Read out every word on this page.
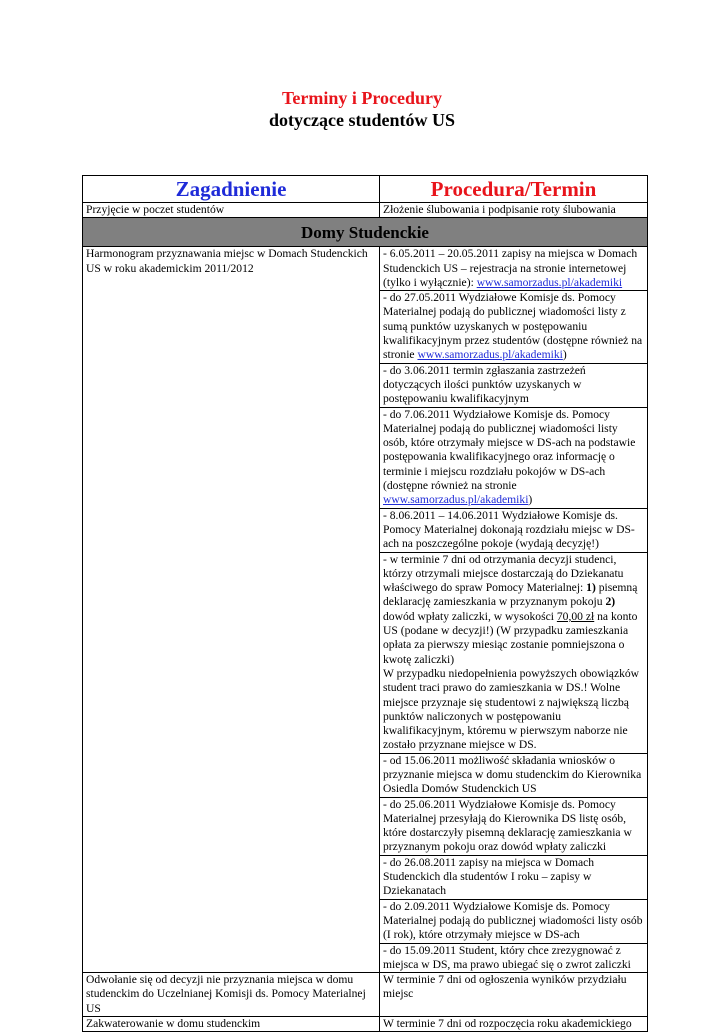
Terminy i Procedury

dotyczące studentów US

Zagadnienie	Procedura/Termin
Przyjęcie w poczet studentów	Złożenie ślubowania i podpisanie roty ślubowania
Domy Studenckie	
Harmonogram przyznawania miejsc w Domach Studenckich US w roku akademickim 2011/2012	- 6.05.2011 – 20.05.2011 zapisy na miejsca w Domach Studenckich US – rejestracja na stronie internetowej (tylko i wyłącznie): www.samorzadus.pl/akademiki
	- do 27.05.2011 Wydziałowe Komisje ds. Pomocy Materialnej podają do publicznej wiadomości listy z sumą punktów uzyskanych w postępowaniu kwalifikacyjnym przez studentów (dostępne również na stronie www.samorzadus.pl/akademiki)
	- do 3.06.2011 termin zgłaszania zastrzeżeń dotyczących ilości punktów uzyskanych w postępowaniu kwalifikacyjnym
	- do 7.06.2011 Wydziałowe Komisje ds. Pomocy Materialnej podają do publicznej wiadomości listy osób, które otrzymały miejsce w DS-ach na podstawie postępowania kwalifikacyjnego oraz informację o terminie i miejscu rozdziału pokojów w DS-ach (dostępne również na stronie www.samorzadus.pl/akademiki)
	- 8.06.2011 – 14.06.2011 Wydziałowe Komisje ds. Pomocy Materialnej dokonają rozdziału miejsc w DS-ach na poszczególne pokoje (wydają decyzję!)
	- w terminie 7 dni od otrzymania decyzji studenci, którzy otrzymali miejsce dostarczają do Dziekanatu właściwego do spraw Pomocy Materialnej: 1) pisemną deklarację zamieszkania w przyznanym pokoju 2) dowód wpłaty zaliczki, w wysokości 70,00 zł na konto US (podane w decyzji!) (W przypadku zamieszkania opłata za pierwszy miesiąc zostanie pomniejszona o kwotę zaliczki)
W przypadku niedopełnienia powyższych obowiązków student traci prawo do zamieszkania w DS.! Wolne miejsce przyznaje się studentowi z największą liczbą punktów naliczonych w postępowaniu kwalifikacyjnym, któremu w pierwszym naborze nie zostało przyznane miejsce w DS.
	- od 15.06.2011 możliwość składania wniosków o przyznanie miejsca w domu studenckim do Kierownika Osiedla Domów Studenckich US
	- do 25.06.2011 Wydziałowe Komisje ds. Pomocy Materialnej przesyłają do Kierownika DS listę osób, które dostarczyły pisemną deklarację zamieszkania w przyznanym pokoju oraz dowód wpłaty zaliczki
	- do 26.08.2011 zapisy na miejsca w Domach Studenckich dla studentów I roku – zapisy w Dziekanatach
	- do 2.09.2011 Wydziałowe Komisje ds. Pomocy Materialnej podają do publicznej wiadomości listy osób (I rok), które otrzymały miejsce w DS-ach
	- do 15.09.2011 Student, który chce zrezygnować z miejsca w DS, ma prawo ubiegać się o zwrot zaliczki
Odwołanie się od decyzji nie przyznania miejsca w domu studenckim do Uczelnianej Komisji ds. Pomocy Materialnej US	W terminie 7 dni od ogłoszenia wyników przydziału miejsc
Zakwaterowanie w domu studenckim	W terminie 7 dni od rozpoczęcia roku akademickiego
